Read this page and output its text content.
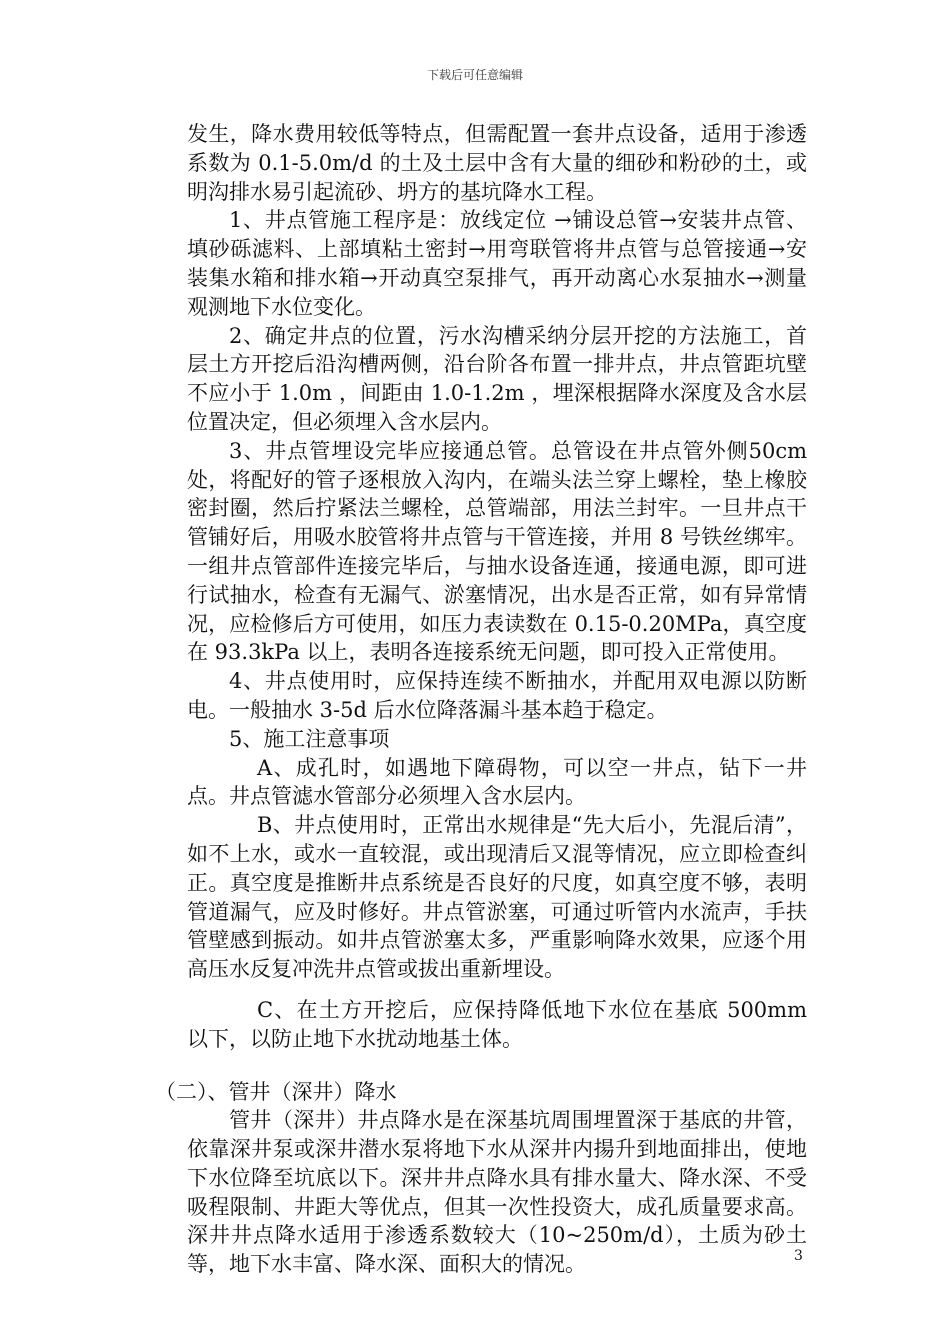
下载后可任意编辑

发生，降水费用较低等特点，但需配置一套井点设备，适用于渗透系数为 0.1-5.0m/d 的土及土层中含有大量的细砂和粉砂的土，或明沟排水易引起流砂、坍方的基坑降水工程。

1、井点管施工程序是：放线定位 →铺设总管→安装井点管、填砂砾滤料、上部填粘土密封→用弯联管将井点管与总管接通→安装集水箱和排水箱→开动真空泵排气，再开动离心水泵抽水→测量观测地下水位变化。

2、确定井点的位置，污水沟槽采纳分层开挖的方法施工，首层土方开挖后沿沟槽两侧，沿台阶各布置一排井点，井点管距坑壁不应小于 1.0m ，间距由 1.0-1.2m ，埋深根据降水深度及含水层位置决定，但必须埋入含水层内。

3、井点管埋设完毕应接通总管。总管设在井点管外侧50cm处，将配好的管子逐根放入沟内，在端头法兰穿上螺栓，垫上橡胶密封圈，然后拧紧法兰螺栓，总管端部，用法兰封牢。一旦井点干管铺好后，用吸水胶管将井点管与干管连接，并用 8 号铁丝绑牢。一组井点管部件连接完毕后，与抽水设备连通，接通电源，即可进行试抽水，检查有无漏气、淤塞情况，出水是否正常，如有异常情况，应检修后方可使用，如压力表读数在 0.15-0.20MPa，真空度在 93.3kPa 以上，表明各连接系统无问题，即可投入正常使用。

4、井点使用时，应保持连续不断抽水，并配用双电源以防断电。一般抽水 3-5d 后水位降落漏斗基本趋于稳定。

5、施工注意事项

A、成孔时，如遇地下障碍物，可以空一井点，钻下一井点。井点管滤水管部分必须埋入含水层内。

B、井点使用时，正常出水规律是“先大后小，先混后清”，如不上水，或水一直较混，或出现清后又混等情况，应立即检查纠正。真空度是推断井点系统是否良好的尺度，如真空度不够，表明管道漏气，应及时修好。井点管淤塞，可通过听管内水流声，手扶管壁感到振动。如井点管淤塞太多，严重影响降水效果，应逐个用高压水反复冲洗井点管或拔出重新埋设。

C、在土方开挖后，应保持降低地下水位在基底 500mm 以下，以防止地下水扰动地基土体。

（二）、管井（深井）降水

管井（深井）井点降水是在深基坑周围埋置深于基底的井管，依靠深井泵或深井潜水泵将地下水从深井内揚升到地面排出，使地下水位降至坑底以下。深井井点降水具有排水量大、降水深、不受吸程限制、井距大等优点，但其一次性投资大，成孔质量要求高。深井井点降水适用于渗透系数较大（10~250m/d），土质为砂土等，地下水丰富、降水深、面积大的情况。	3
